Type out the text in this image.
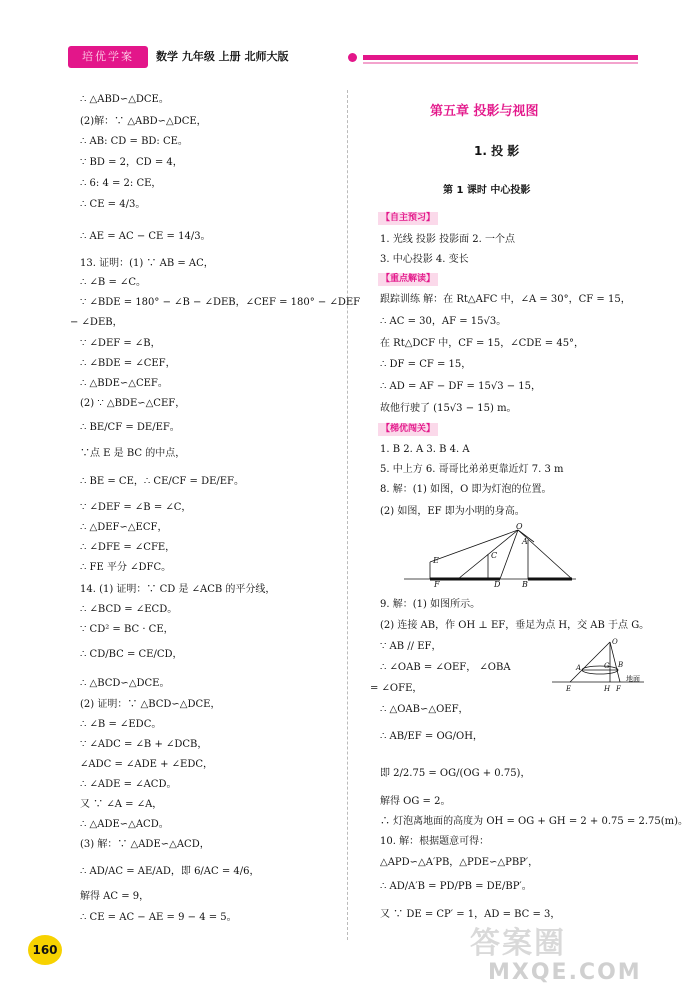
培优学案	数学 九年级 上册 北师大版
∴ △ABD∽△DCE。
(2)解：∵ △ABD∽△DCE，
∴ AB: CD = BD: CE。
∵ BD = 2，CD = 4，
∴ 6: 4 = 2: CE，
∴ CE = 4/3。
∴ AE = AC − CE = 14/3。
13. 证明：(1) ∵ AB = AC，
∴ ∠B = ∠C。
∵ ∠BDE = 180° − ∠B − ∠DEB，∠CEF = 180° − ∠DEF
− ∠DEB，
∵ ∠DEF = ∠B，
∴ ∠BDE = ∠CEF，
∴ △BDE∽△CEF。
(2) ∵ △BDE∽△CEF，
∴ BE/CF = DE/EF。
∵点 E 是 BC 的中点，
∴ BE = CE，∴ CE/CF = DE/EF。
∵ ∠DEF = ∠B = ∠C，
∴ △DEF∽△ECF，
∴ ∠DFE = ∠CFE，
∴ FE 平分 ∠DFC。
14. (1) 证明：∵ CD 是 ∠ACB 的平分线，
∴ ∠BCD = ∠ECD。
∵ CD² = BC · CE，
∴ CD/BC = CE/CD，
∴ △BCD∽△DCE。
(2) 证明：∵ △BCD∽△DCE，
∴ ∠B = ∠EDC。
∵ ∠ADC = ∠B + ∠DCB，
∠ADC = ∠ADE + ∠EDC，
∴ ∠ADE = ∠ACD。
又 ∵ ∠A = ∠A，
∴ △ADE∽△ACD。
(3) 解：∵ △ADE∽△ACD，
∴ AD/AC = AE/AD，即 6/AC = 4/6，
解得 AC = 9，
∴ CE = AC − AE = 9 − 4 = 5。
第五章 投影与视图
1. 投 影
第 1 课时 中心投影
【自主预习】
1. 光线 投影 投影面 2. 一个点
3. 中心投影 4. 变长
【重点解读】
跟踪训练 解：在 Rt△AFC 中，∠A = 30°，CF = 15，
∴ AC = 30，AF = 15√3。
在 Rt△DCF 中，CF = 15，∠CDE = 45°，
∴ DF = CF = 15，
∴ AD = AF − DF = 15√3 − 15，
故他行驶了 (15√3 − 15) m。
【梯优闯关】
1. B 2. A 3. B 4. A
5. 中上方 6. 哥哥比弟弟更靠近灯 7. 3 m
8. 解：(1) 如图，O 即为灯泡的位置。
(2) 如图，EF 即为小明的身高。
O
A
C
E
F	D	B
9. 解：(1) 如图所示。
(2) 连接 AB，作 OH ⊥ EF，垂足为点 H，交 AB 于点 G。
∵ AB // EF，
∴ ∠OAB = ∠OEF， ∠OBA
= ∠OFE，
O
A	G B
E	H F
地面
∴ △OAB∽△OEF，
∴ AB/EF = OG/OH，
即 2/2.75 = OG/(OG + 0.75)，
解得 OG = 2。
∴ 灯泡离地面的高度为 OH = OG + GH = 2 + 0.75 = 2.75(m)。
10. 解：根据题意可得：
△APD∽△A′PB，△PDE∽△PBP′，
∴ AD/A′B = PD/PB = DE/BP′。
又 ∵ DE = CP′ = 1，AD = BC = 3，
160	答案圈
MXQE.COM
